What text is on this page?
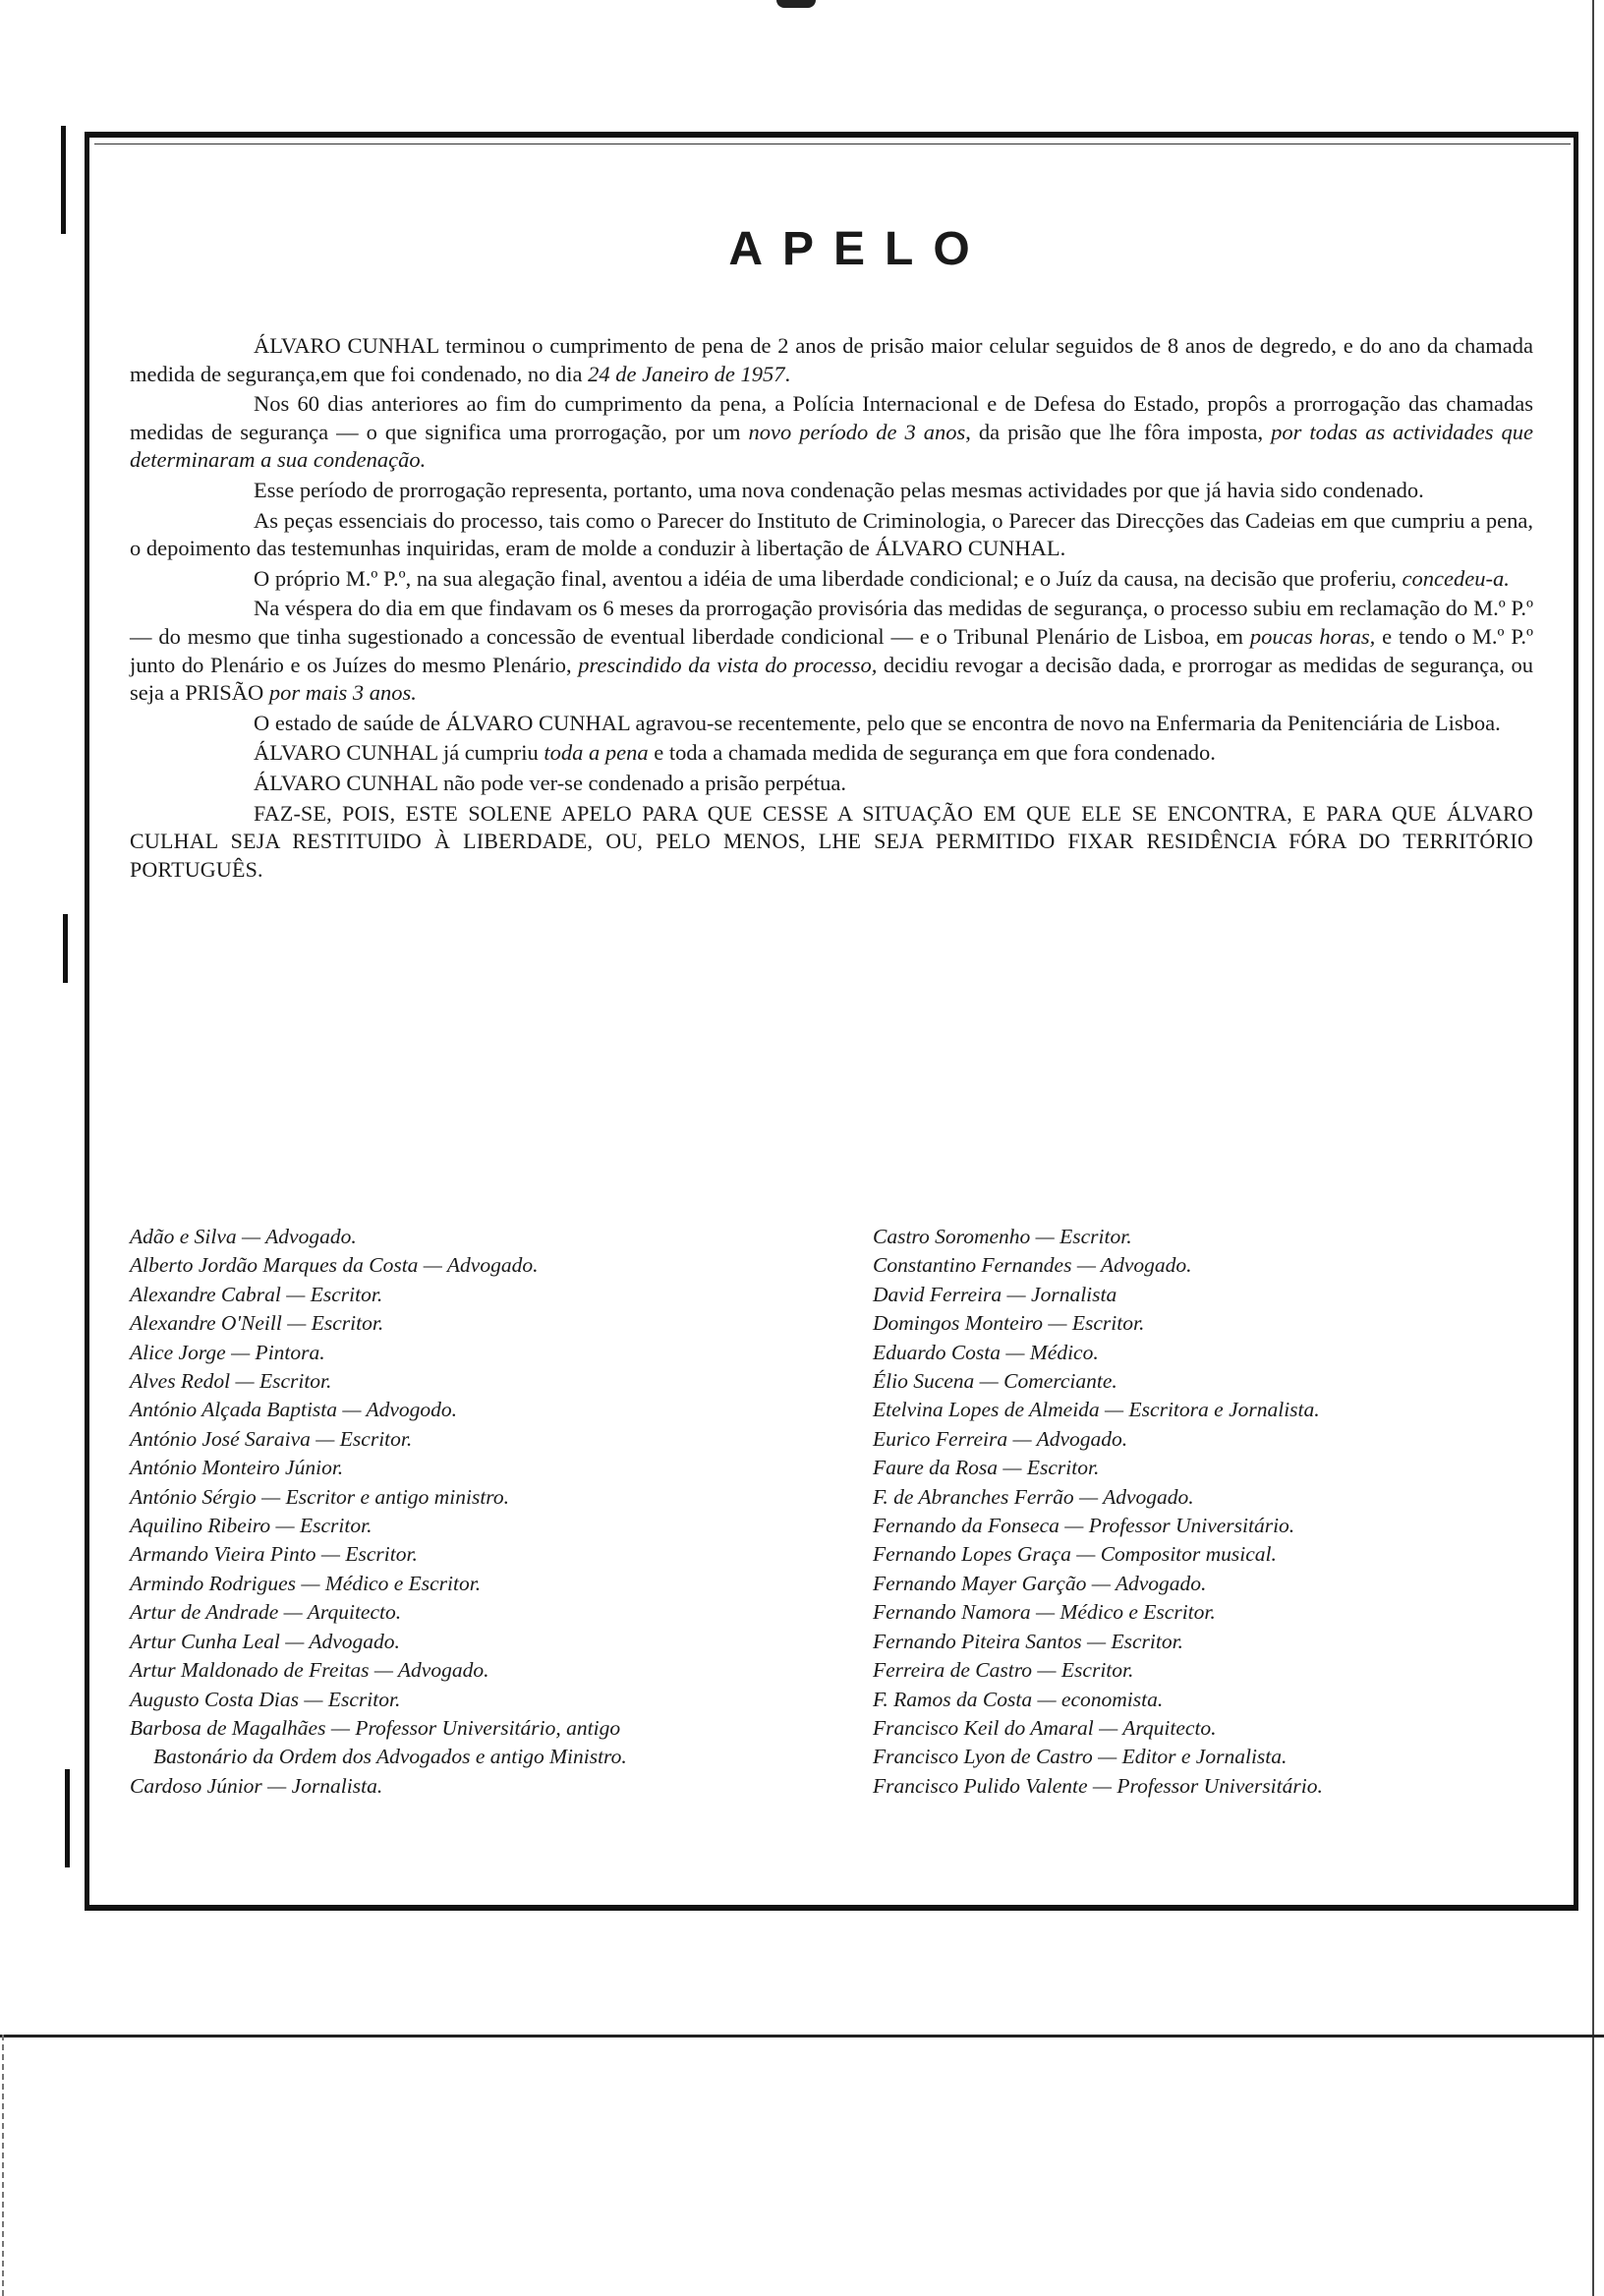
APELO

ÁLVARO CUNHAL terminou o cumprimento de pena de 2 anos de prisão maior celular seguidos de 8 anos de degredo, e do ano da chamada medida de segurança,em que foi condenado, no dia 24 de Janeiro de 1957.

Nos 60 dias anteriores ao fim do cumprimento da pena, a Polícia Internacional e de Defesa do Estado, propôs a prorrogação das chamadas medidas de segurança — o que significa uma prorrogação, por um novo período de 3 anos, da prisão que lhe fôra imposta, por todas as actividades que determinaram a sua condenação.

Esse período de prorrogação representa, portanto, uma nova condenação pelas mesmas actividades por que já havia sido condenado.

As peças essenciais do processo, tais como o Parecer do Instituto de Criminologia, o Parecer das Direcções das Cadeias em que cumpriu a pena, o depoimento das testemunhas inquiridas, eram de molde a conduzir à libertação de ÁLVARO CUNHAL.

O próprio M.º P.º, na sua alegação final, aventou a idéia de uma liberdade condicional; e o Juíz da causa, na decisão que proferiu, concedeu-a.

Na véspera do dia em que findavam os 6 meses da prorrogação provisória das medidas de segurança, o processo subiu em reclamação do M.º P.º — do mesmo que tinha sugestionado a concessão de eventual liberdade condicional — e o Tribunal Plenário de Lisboa, em poucas horas, e tendo o M.º P.º junto do Plenário e os Juízes do mesmo Plenário, prescindido da vista do processo, decidiu revogar a decisão dada, e prorrogar as medidas de segurança, ou seja a PRISÃO por mais 3 anos.

O estado de saúde de ÁLVARO CUNHAL agravou-se recentemente, pelo que se encontra de novo na Enfermaria da Penitenciária de Lisboa.

ÁLVARO CUNHAL já cumpriu toda a pena e toda a chamada medida de segurança em que fora condenado.

ÁLVARO CUNHAL não pode ver-se condenado a prisão perpétua.

FAZ-SE, POIS, ESTE SOLENE APELO PARA QUE CESSE A SITUAÇÃO EM QUE ELE SE ENCONTRA, E PARA QUE ÁLVARO CULHAL SEJA RESTITUIDO À LIBERDADE, OU, PELO MENOS, LHE SEJA PERMITIDO FIXAR RESIDÊNCIA FÓRA DO TERRITÓRIO PORTUGUÊS.

Adão e Silva — Advogado.
Alberto Jordão Marques da Costa — Advogado.
Alexandre Cabral — Escritor.
Alexandre O'Neill — Escritor.
Alice Jorge — Pintora.
Alves Redol — Escritor.
António Alçada Baptista — Advogodo.
António José Saraiva — Escritor.
António Monteiro Júnior.
António Sérgio — Escritor e antigo ministro.
Aquilino Ribeiro — Escritor.
Armando Vieira Pinto — Escritor.
Armindo Rodrigues — Médico e Escritor.
Artur de Andrade — Arquitecto.
Artur Cunha Leal — Advogado.
Artur Maldonado de Freitas — Advogado.
Augusto Costa Dias — Escritor.
Barbosa de Magalhães — Professor Universitário, antigo
Bastonário da Ordem dos Advogados e antigo Ministro.
Cardoso Júnior — Jornalista.
Castro Soromenho — Escritor.
Constantino Fernandes — Advogado.
David Ferreira — Jornalista
Domingos Monteiro — Escritor.
Eduardo Costa — Médico.
Élio Sucena — Comerciante.
Etelvina Lopes de Almeida — Escritora e Jornalista.
Eurico Ferreira — Advogado.
Faure da Rosa — Escritor.
F. de Abranches Ferrão — Advogado.
Fernando da Fonseca — Professor Universitário.
Fernando Lopes Graça — Compositor musical.
Fernando Mayer Garção — Advogado.
Fernando Namora — Médico e Escritor.
Fernando Piteira Santos — Escritor.
Ferreira de Castro — Escritor.
F. Ramos da Costa — economista.
Francisco Keil do Amaral — Arquitecto.
Francisco Lyon de Castro — Editor e Jornalista.
Francisco Pulido Valente — Professor Universitário.
